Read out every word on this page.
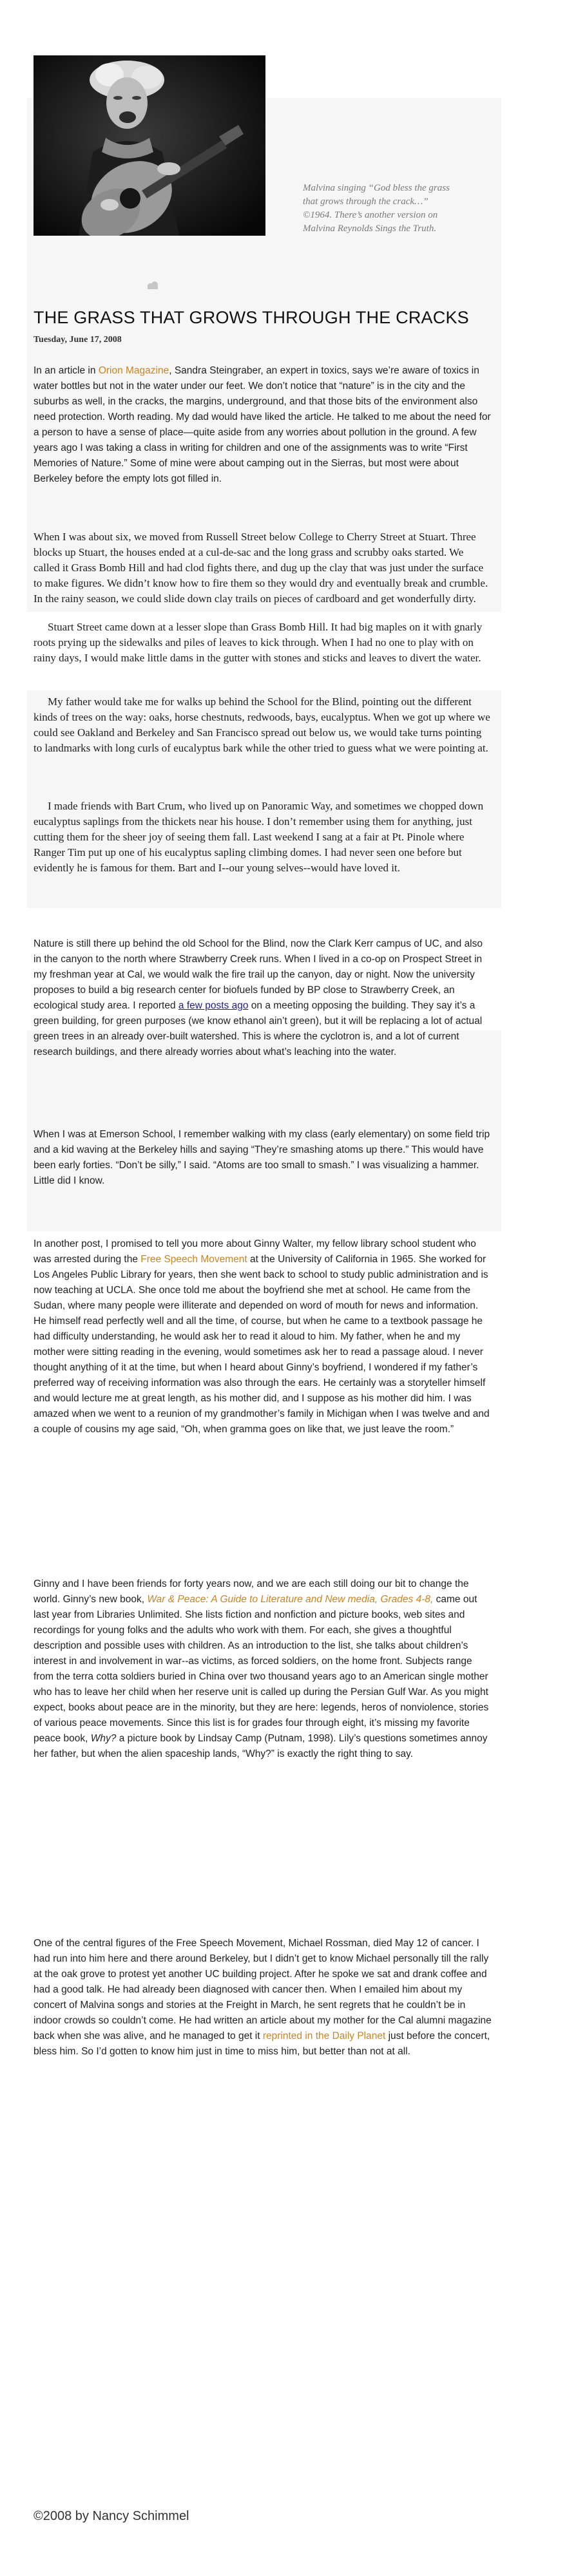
Malvina singing “God bless the grass that grows through the crack…” ©1964. There’s another version on Malvina Reynolds Sings the Truth.
THE GRASS THAT GROWS THROUGH THE CRACKS
Tuesday, June 17, 2008

In an article in Orion Magazine, Sandra Steingraber, an expert in toxics, says we’re aware of toxics in water bottles but not in the water under our feet. We don’t notice that “nature” is in the city and the suburbs as well, in the cracks, the margins, underground, and that those bits of the environment also need protection. Worth reading. My dad would have liked the article. He talked to me about the need for a person to have a sense of place—quite aside from any worries about pollution in the ground. A few years ago I was taking a class in writing for children and one of the assignments was to write “First Memories of Nature.” Some of mine were about camping out in the Sierras, but most were about Berkeley before the empty lots got filled in.

When I was about six, we moved from Russell Street below College to Cherry Street at Stuart. Three blocks up Stuart, the houses ended at a cul-de-sac and the long grass and scrubby oaks started. We called it Grass Bomb Hill and had clod fights there, and dug up the clay that was just under the surface to make figures. We didn’t know how to fire them so they would dry and eventually break and crumble. In the rainy season, we could slide down clay trails on pieces of cardboard and get wonderfully dirty.

Stuart Street came down at a lesser slope than Grass Bomb Hill. It had big maples on it with gnarly roots prying up the sidewalks and piles of leaves to kick through. When I had no one to play with on rainy days, I would make little dams in the gutter with stones and sticks and leaves to divert the water.

My father would take me for walks up behind the School for the Blind, pointing out the different kinds of trees on the way: oaks, horse chestnuts, redwoods, bays, eucalyptus. When we got up where we could see Oakland and Berkeley and San Francisco spread out below us, we would take turns pointing to landmarks with long curls of eucalyptus bark while the other tried to guess what we were pointing at.

I made friends with Bart Crum, who lived up on Panoramic Way, and sometimes we chopped down eucalyptus saplings from the thickets near his house. I don’t remember using them for anything, just cutting them for the sheer joy of seeing them fall. Last weekend I sang at a fair at Pt. Pinole where Ranger Tim put up one of his eucalyptus sapling climbing domes. I had never seen one before but evidently he is famous for them. Bart and I--our young selves--would have loved it.

Nature is still there up behind the old School for the Blind, now the Clark Kerr campus of UC, and also in the canyon to the north where Strawberry Creek runs. When I lived in a co-op on Prospect Street in my freshman year at Cal, we would walk the fire trail up the canyon, day or night. Now the university proposes to build a big research center for biofuels funded by BP close to Strawberry Creek, an ecological study area. I reported a few posts ago on a meeting opposing the building. They say it’s a green building, for green purposes (we know ethanol ain’t green), but it will be replacing a lot of actual green trees in an already over-built watershed. This is where the cyclotron is, and a lot of current research buildings, and there already worries about what’s leaching into the water.

When I was at Emerson School, I remember walking with my class (early elementary) on some field trip and a kid waving at the Berkeley hills and saying “They’re smashing atoms up there.” This would have been early forties. “Don’t be silly,” I said. “Atoms are too small to smash.” I was visualizing a hammer. Little did I know.

In another post, I promised to tell you more about Ginny Walter, my fellow library school student who was arrested during the Free Speech Movement at the University of California in 1965. She worked for Los Angeles Public Library for years, then she went back to school to study public administration and is now teaching at UCLA. She once told me about the boyfriend she met at school. He came from the Sudan, where many people were illiterate and depended on word of mouth for news and information. He himself read perfectly well and all the time, of course, but when he came to a textbook passage he had difficulty understanding, he would ask her to read it aloud to him. My father, when he and my mother were sitting reading in the evening, would sometimes ask her to read a passage aloud. I never thought anything of it at the time, but when I heard about Ginny’s boyfriend, I wondered if my father’s preferred way of receiving information was also through the ears. He certainly was a storyteller himself and would lecture me at great length, as his mother did, and I suppose as his mother did him. I was amazed when we went to a reunion of my grandmother’s family in Michigan when I was twelve and and a couple of cousins my age said, “Oh, when gramma goes on like that, we just leave the room.”

Ginny and I have been friends for forty years now, and we are each still doing our bit to change the world. Ginny’s new book, War & Peace: A Guide to Literature and New media, Grades 4-8, came out last year from Libraries Unlimited. She lists fiction and nonfiction and picture books, web sites and recordings for young folks and the adults who work with them. For each, she gives a thoughtful description and possible uses with children. As an introduction to the list, she talks about children’s interest in and involvement in war--as victims, as forced soldiers, on the home front. Subjects range from the terra cotta soldiers buried in China over two thousand years ago to an American single mother who has to leave her child when her reserve unit is called up during the Persian Gulf War. As you might expect, books about peace are in the minority, but they are here: legends, heros of nonviolence, stories of various peace movements. Since this list is for grades four through eight, it’s missing my favorite peace book, Why? a picture book by Lindsay Camp (Putnam, 1998). Lily’s questions sometimes annoy her father, but when the alien spaceship lands, “Why?” is exactly the right thing to say.

One of the central figures of the Free Speech Movement, Michael Rossman, died May 12 of cancer. I had run into him here and there around Berkeley, but I didn’t get to know Michael personally till the rally at the oak grove to protest yet another UC building project. After he spoke we sat and drank coffee and had a good talk. He had already been diagnosed with cancer then. When I emailed him about my concert of Malvina songs and stories at the Freight in March, he sent regrets that he couldn’t be in indoor crowds so couldn’t come. He had written an article about my mother for the Cal alumni magazine back when she was alive, and he managed to get it reprinted in the Daily Planet just before the concert, bless him. So I’d gotten to know him just in time to miss him, but better than not at all.

©2008 by Nancy Schimmel
